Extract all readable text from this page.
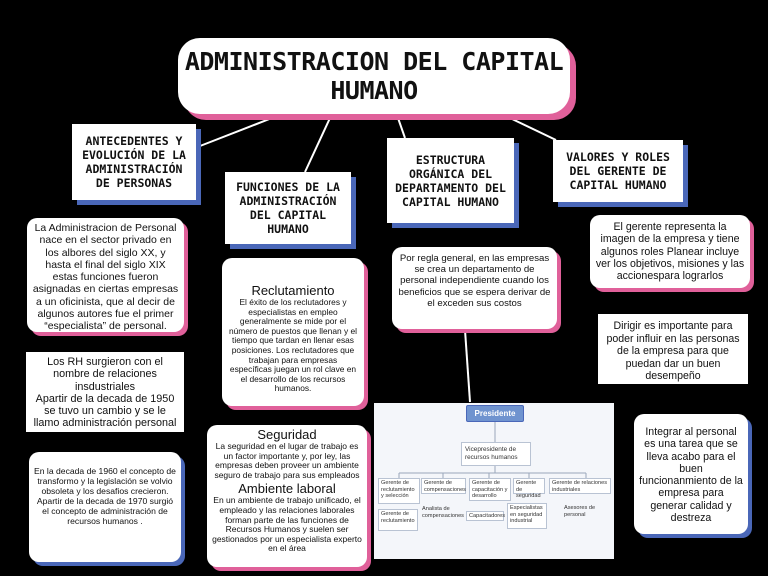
ADMINISTRACION DEL CAPITAL HUMANO
ANTECEDENTES Y EVOLUCIÓN DE LA ADMINISTRACIÓN DE PERSONAS	FUNCIONES DE LA ADMINISTRACIÓN DEL CAPITAL HUMANO
ESTRUCTURA ORGÁNICA DEL DEPARTAMENTO DEL CAPITAL HUMANO
VALORES Y ROLES DEL GERENTE DE CAPITAL HUMANO
La Administracion de Personal nace en el sector privado en los albores del siglo XX, y hasta el final del siglo XIX estas funciones fueron asignadas en ciertas empresas a un oficinista, que al decir de algunos autores fue el primer “especialista” de personal.
Los RH surgieron con el nombre de relaciones insdustriales
Apartir de la decada de 1950 se tuvo un cambio y se le llamo administración personal
En la decada de 1960 el concepto de transformo y la legislación se volvio obsoleta y los desafios crecieron.
Apartir de la decada de 1970 surgió el concepto de administración de recursos humanos .
Reclutamiento
El éxito de los reclutadores y especialistas en empleo generalmente se mide por el número de puestos que llenan y el tiempo que tardan en llenar esas posiciones. Los reclutadores que trabajan para empresas específicas juegan un rol clave en el desarrollo de los recursos humanos.
Seguridad
La seguridad en el lugar de trabajo es un factor importante y, por ley, las empresas deben proveer un ambiente seguro de trabajo para sus empleados
Ambiente laboral
En un ambiente de trabajo unificado, el empleado y las relaciones laborales forman parte de las funciones de Recursos Humanos y suelen ser gestionados por un especialista experto en el área
Por regla general, en las empresas se crea un departamento de personal independiente cuando los beneficios que se espera derivar de el exceden sus costos
Presidente
Vicepresidente de recursos humanos
Gerente de reclutamiento y selección
Gerente de compensaciones
Gerente de capacitación y desarrollo
Gerente de seguridad
Gerente de relaciones industriales
Gerente de reclutamiento
Analista de compensaciones Capacitadores
Especialistas en seguridad industrial
Asesores de personal
El gerente representa la imagen de la empresa y tiene algunos roles Planear incluye ver los objetivos, misiones y las accionespara lograrlos
Dirigir es importante para poder influir en las personas de la empresa para que puedan dar un buen desempeño
Integrar al personal es una tarea que se lleva acabo para el buen funcionanmiento de la empresa para generar calidad y destreza
